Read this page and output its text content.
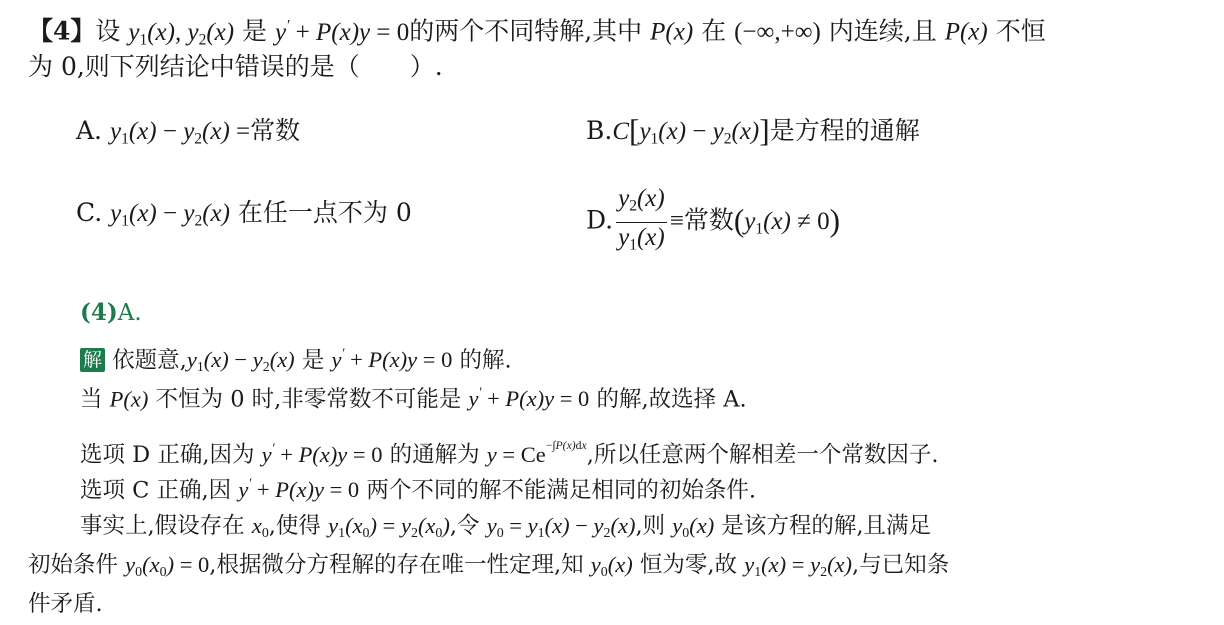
【4】设 $y_1(x)$, $y_2(x)$ 是 y′ + P(x)y = 0的两个不同特解,其中 P(x) 在 (−∞,+∞) 内连续,且 P(x) 不恒
为 0,则下列结论中错误的是（　　）.
A. $y_1(x) - y_2(x)$ =常数	$B.C[y_1(x) - y_2(x)]$是方程的通解
C. $y_1(x) - y_2(x)$ 在任一点不为 0	D. $\frac{y_2(x)}{y_1(x)}$ ≡常数$(y_1(x) \ne 0)$
(4)A.
解 依题意$,y_1(x) - y_2(x)$ 是 y′ + P(x)y = 0 的解.
当 P(x) 不恒为 0 时,非零常数不可能是 y′ + P(x)y = 0 的解,故选择 A.
选项 D 正确,因为 y′ + P(x)y = 0 的通解为 $y = Ce^{-\int P(x)dx}$,所以任意两个解相差一个常数因子.
选项 C 正确,因 y′ + P(x)y = 0 两个不同的解不能满足相同的初始条件.
事实上,假设存在 $x_0$,使得 $y_1(x_0) = y_2(x_0)$,令 $y_0 = y_1(x) - y_2(x)$,则 $y_0(x)$ 是该方程的解,且满足
初始条件 $y_0(x_0) = 0$,根据微分方程解的存在唯一性定理,知 $y_0(x)$ 恒为零,故 $y_1(x) = y_2(x)$,与已知条
件矛盾.
